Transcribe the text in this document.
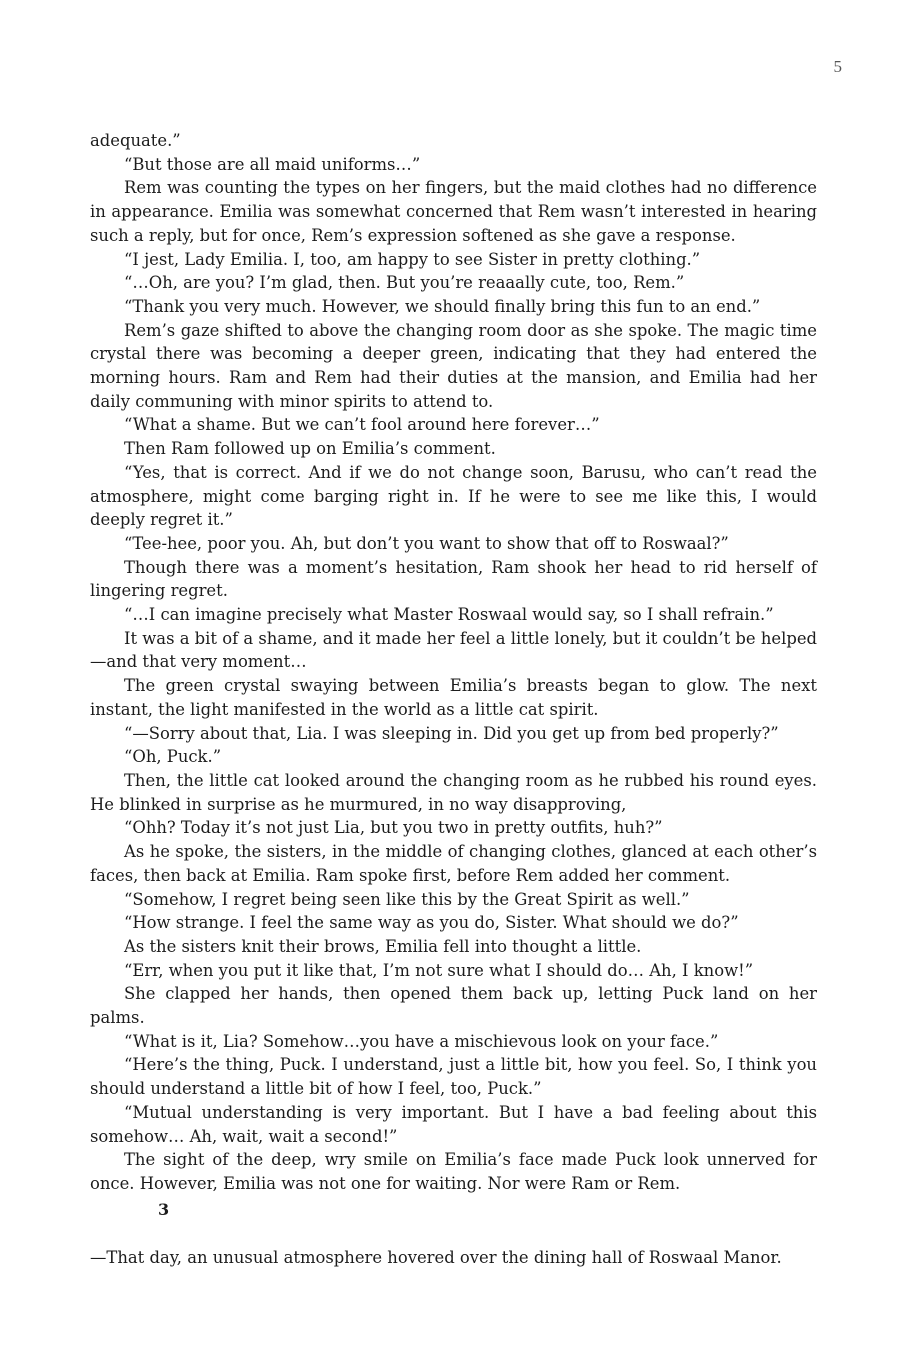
5

adequate.”

“But those are all maid uniforms…”

Rem was counting the types on her fingers, but the maid clothes had no difference in appearance. Emilia was somewhat concerned that Rem wasn’t interested in hearing such a reply, but for once, Rem’s expression softened as she gave a response.

“I jest, Lady Emilia. I, too, am happy to see Sister in pretty clothing.”

“…Oh, are you? I’m glad, then. But you’re reaaally cute, too, Rem.”

“Thank you very much. However, we should finally bring this fun to an end.”

Rem’s gaze shifted to above the changing room door as she spoke. The magic time crystal there was becoming a deeper green, indicating that they had entered the morning hours. Ram and Rem had their duties at the mansion, and Emilia had her daily communing with minor spirits to attend to.

“What a shame. But we can’t fool around here forever…”

Then Ram followed up on Emilia’s comment.

“Yes, that is correct. And if we do not change soon, Barusu, who can’t read the atmosphere, might come barging right in. If he were to see me like this, I would deeply regret it.”

“Tee-hee, poor you. Ah, but don’t you want to show that off to Roswaal?”

Though there was a moment’s hesitation, Ram shook her head to rid herself of lingering regret.

“…I can imagine precisely what Master Roswaal would say, so I shall refrain.”

It was a bit of a shame, and it made her feel a little lonely, but it couldn’t be helped—and that very moment…

The green crystal swaying between Emilia’s breasts began to glow. The next instant, the light manifested in the world as a little cat spirit.

“—Sorry about that, Lia. I was sleeping in. Did you get up from bed properly?”

“Oh, Puck.”

Then, the little cat looked around the changing room as he rubbed his round eyes. He blinked in surprise as he murmured, in no way disapproving,

“Ohh? Today it’s not just Lia, but you two in pretty outfits, huh?”

As he spoke, the sisters, in the middle of changing clothes, glanced at each other’s faces, then back at Emilia. Ram spoke first, before Rem added her comment.

“Somehow, I regret being seen like this by the Great Spirit as well.”

“How strange. I feel the same way as you do, Sister. What should we do?”

As the sisters knit their brows, Emilia fell into thought a little.

“Err, when you put it like that, I’m not sure what I should do… Ah, I know!”

She clapped her hands, then opened them back up, letting Puck land on her palms.

“What is it, Lia? Somehow…you have a mischievous look on your face.”

“Here’s the thing, Puck. I understand, just a little bit, how you feel. So, I think you should understand a little bit of how I feel, too, Puck.”

“Mutual understanding is very important. But I have a bad feeling about this somehow… Ah, wait, wait a second!”

The sight of the deep, wry smile on Emilia’s face made Puck look unnerved for once. However, Emilia was not one for waiting. Nor were Ram or Rem.

3

—That day, an unusual atmosphere hovered over the dining hall of Roswaal Manor.
